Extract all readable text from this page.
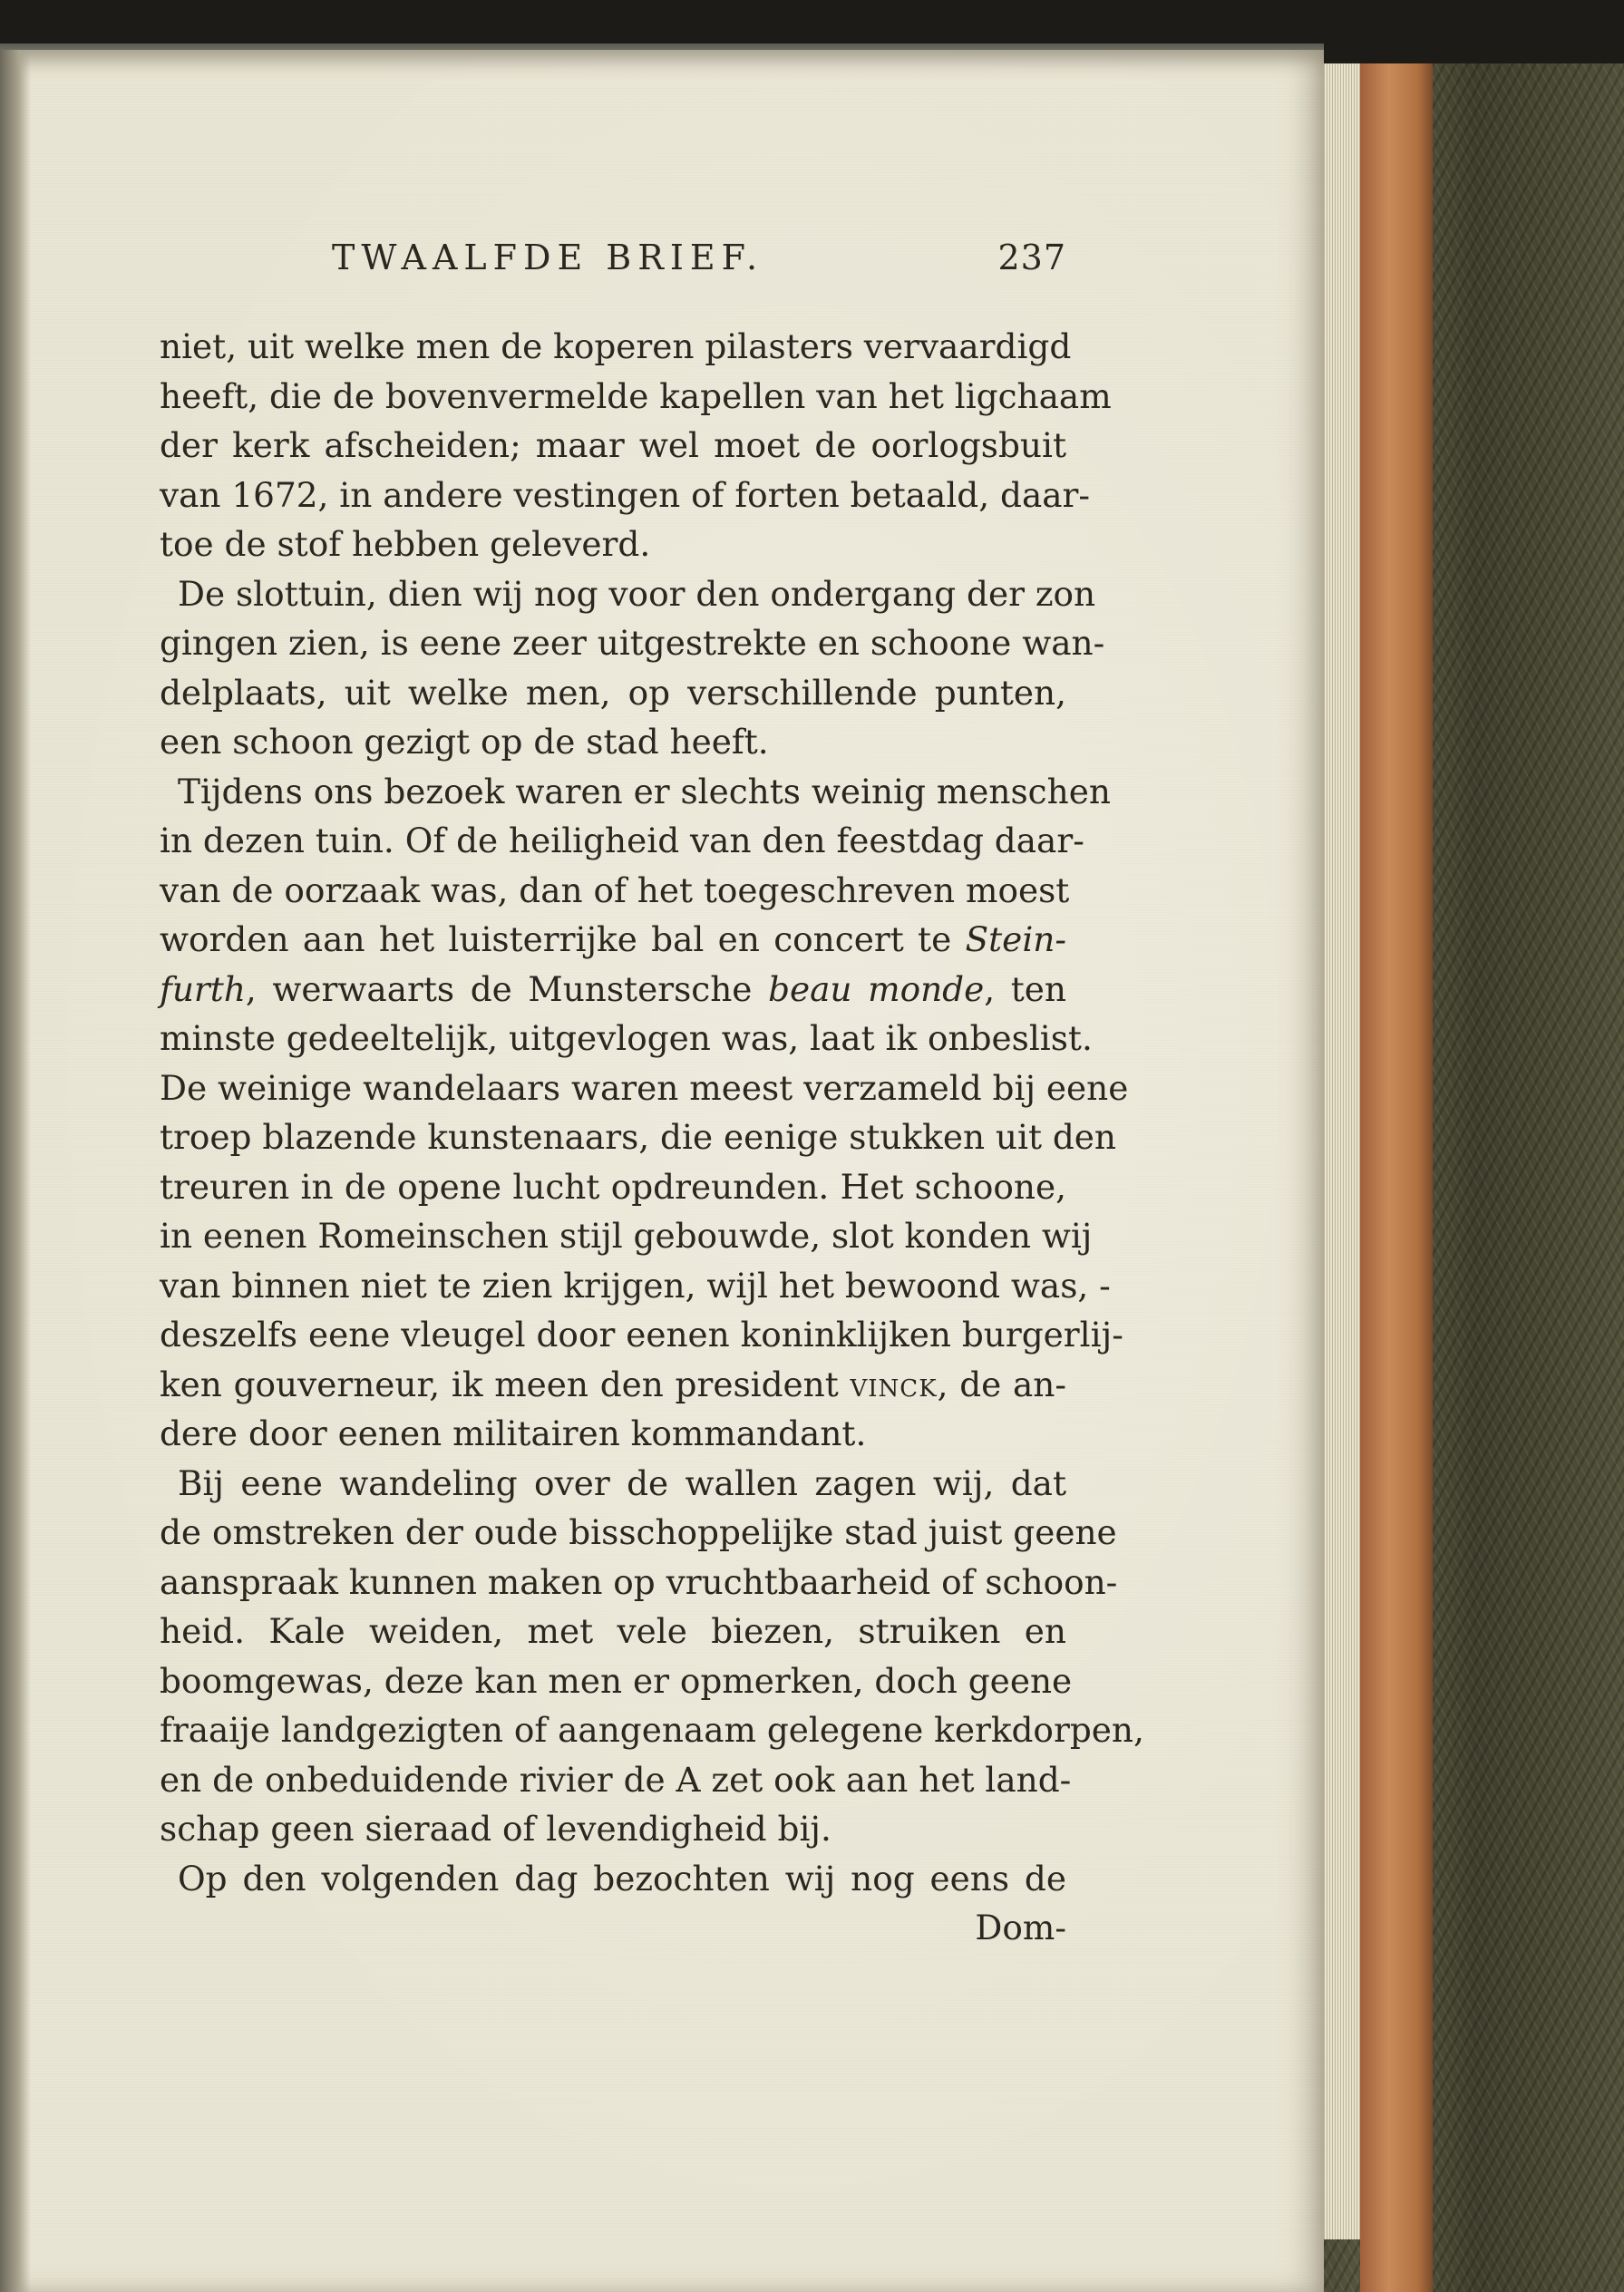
TWAALFDE BRIEF.	237
niet, uit welke men de koperen pilasters vervaardigd
heeft, die de bovenvermelde kapellen van het ligchaam
der kerk afscheiden; maar wel moet de oorlogsbuit
van 1672, in andere vestingen of forten betaald, daar-
toe de stof hebben geleverd.
De slottuin, dien wij nog voor den ondergang der zon
gingen zien, is eene zeer uitgestrekte en schoone wan-
delplaats, uit welke men, op verschillende punten,
een schoon gezigt op de stad heeft.
Tijdens ons bezoek waren er slechts weinig menschen
in dezen tuin. Of de heiligheid van den feestdag daar-
van de oorzaak was, dan of het toegeschreven moest
worden aan het luisterrijke bal en concert te Stein-
furth, werwaarts de Munstersche beau monde, ten
minste gedeeltelijk, uitgevlogen was, laat ik onbeslist.
De weinige wandelaars waren meest verzameld bij eene
troep blazende kunstenaars, die eenige stukken uit den
treuren in de opene lucht opdreunden. Het schoone,
in eenen Romeinschen stijl gebouwde, slot konden wij
van binnen niet te zien krijgen, wijl het bewoond was, -
deszelfs eene vleugel door eenen koninklijken burgerlij-
ken gouverneur, ik meen den president vinck, de an-
dere door eenen militairen kommandant.
Bij eene wandeling over de wallen zagen wij, dat
de omstreken der oude bisschoppelijke stad juist geene
aanspraak kunnen maken op vruchtbaarheid of schoon-
heid. Kale weiden, met vele biezen, struiken en
boomgewas, deze kan men er opmerken, doch geene
fraaije landgezigten of aangenaam gelegene kerkdorpen,
en de onbeduidende rivier de A zet ook aan het land-
schap geen sieraad of levendigheid bij.
Op den volgenden dag bezochten wij nog eens de
Dom-
